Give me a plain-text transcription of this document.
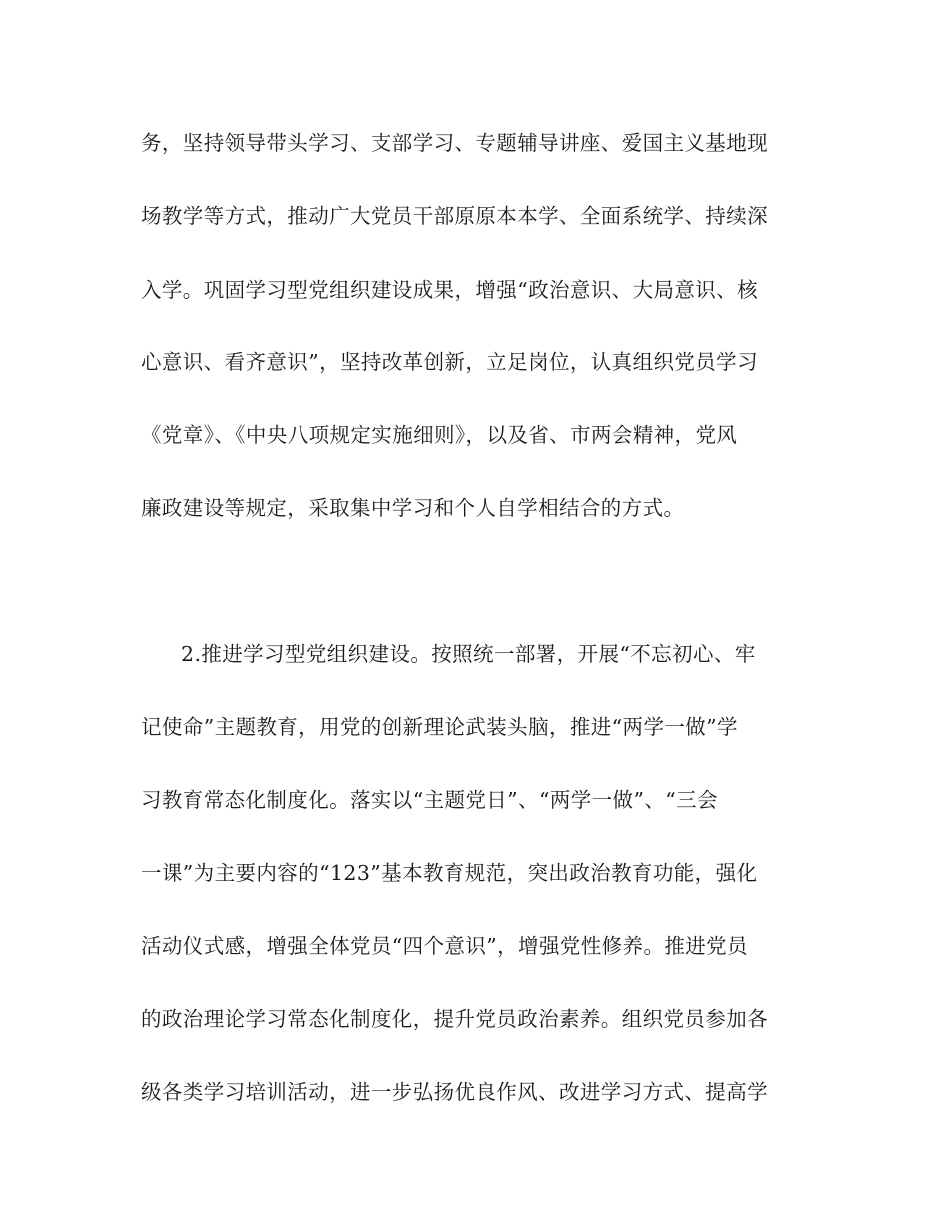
务，坚持领导带头学习、支部学习、专题辅导讲座、爱国主义基地现
场教学等方式，推动广大党员干部原原本本学、全面系统学、持续深
入学。巩固学习型党组织建设成果，增强“政治意识、大局意识、核
心意识、看齐意识”，坚持改革创新，立足岗位，认真组织党员学习
《党章》、《中央八项规定实施细则》，以及省、市两会精神，党风
廉政建设等规定，采取集中学习和个人自学相结合的方式。
2.推进学习型党组织建设。按照统一部署，开展“不忘初心、牢
记使命”主题教育，用党的创新理论武装头脑，推进“两学一做”学
习教育常态化制度化。落实以“主题党日”、“两学一做”、“三会
一课”为主要内容的“123”基本教育规范，突出政治教育功能，强化
活动仪式感，增强全体党员“四个意识”，增强党性修养。推进党员
的政治理论学习常态化制度化，提升党员政治素养。组织党员参加各
级各类学习培训活动，进一步弘扬优良作风、改进学习方式、提高学
